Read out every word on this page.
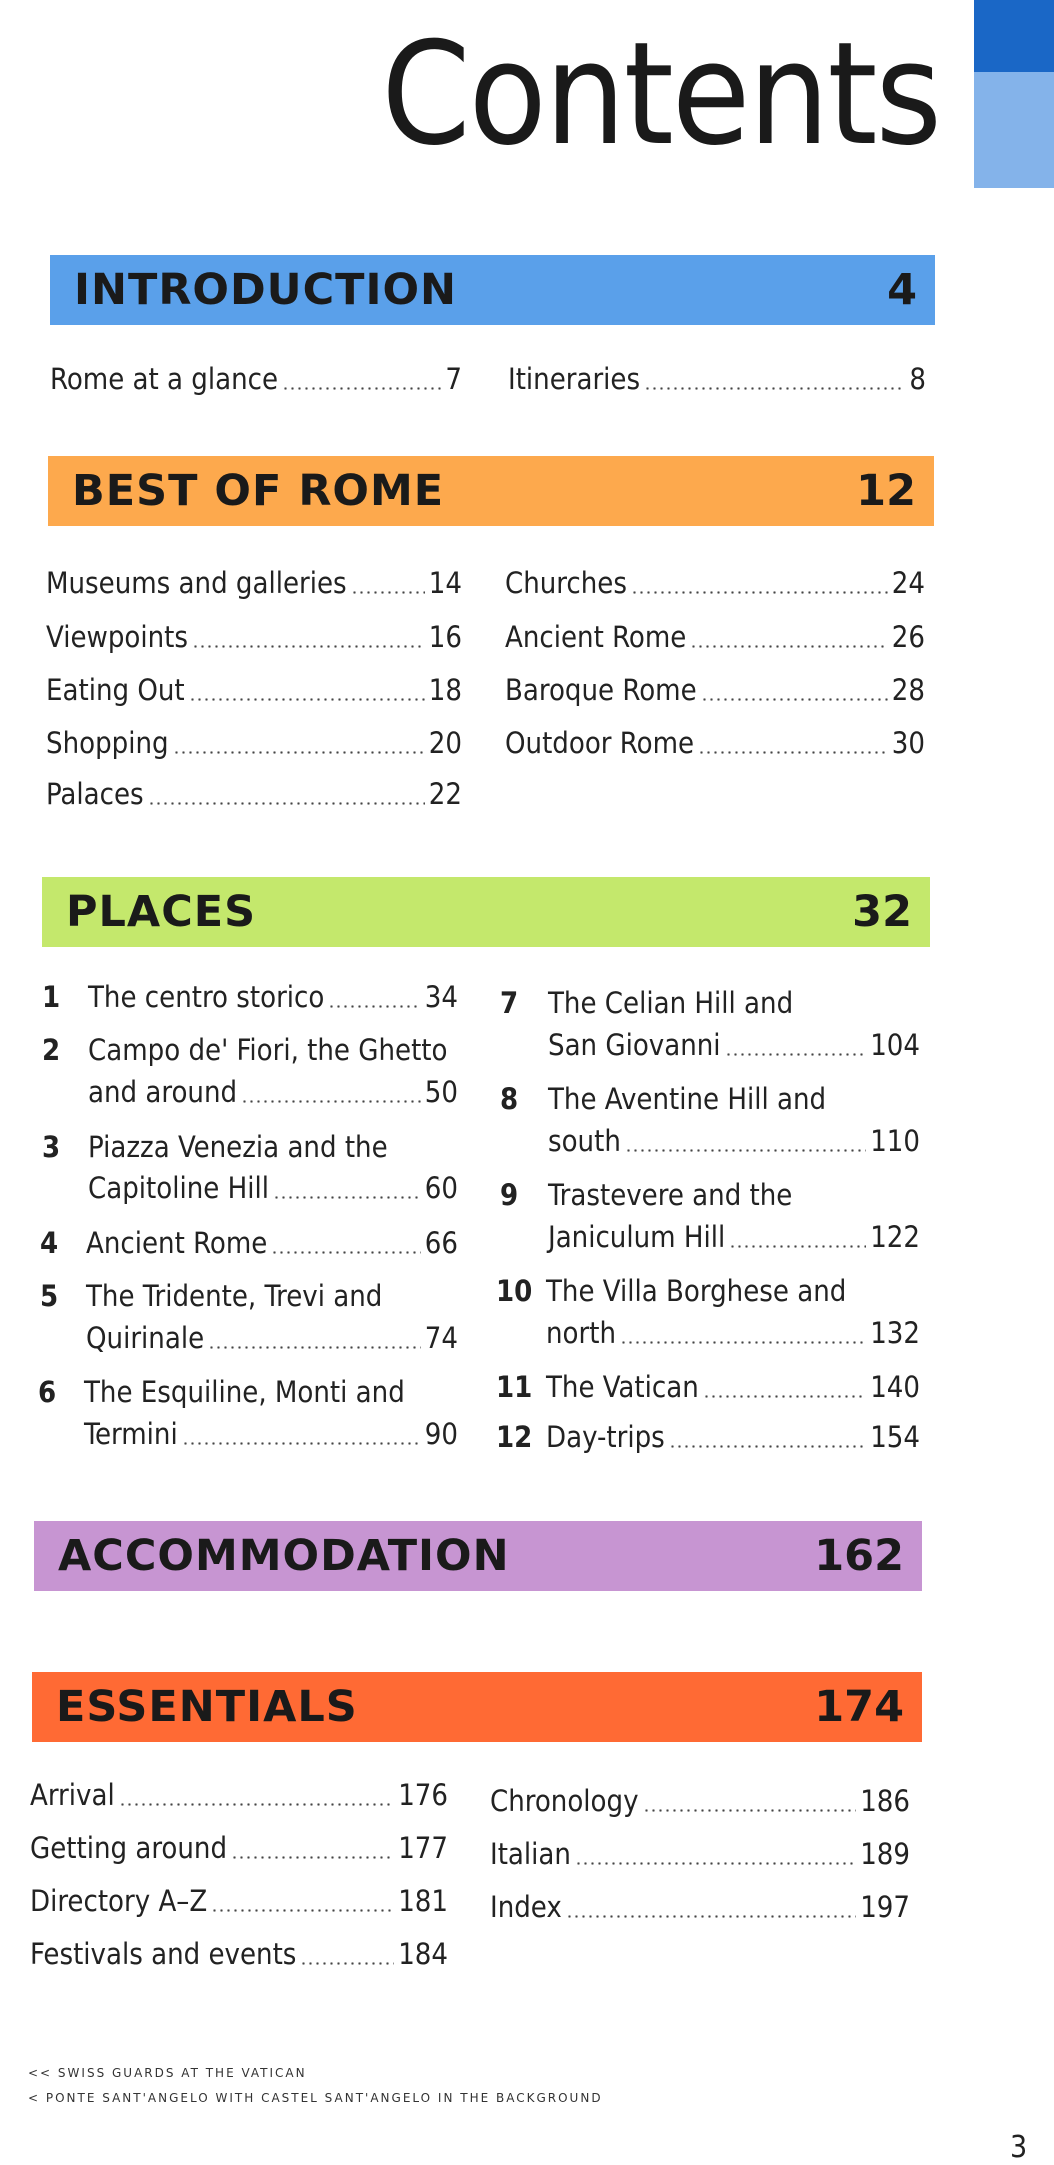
Contents
INTRODUCTION	4
Rome at a glance	7 Itineraries	8
BEST OF ROME	12
Museums and galleries	14
Viewpoints	16
Eating Out	18
Shopping	20
Palaces	22
Churches	24
Ancient Rome	26
Baroque Rome	28
Outdoor Rome	30
PLACES	32
1 The centro storico	34
2 Campo de' Fiori, the Ghetto
and around	50
3 Piazza Venezia and the
Capitoline Hill	60
4 Ancient Rome	66
5 The Tridente, Trevi and
Quirinale	74
6 The Esquiline, Monti and
Termini	90
7 The Celian Hill and
San Giovanni	104
8 The Aventine Hill and
south	110
9 Trastevere and the
Janiculum Hill	122
10 The Villa Borghese and
north	132
11 The Vatican	140
12 Day-trips	154
ACCOMMODATION	162
ESSENTIALS	174
Arrival	176
Getting around	177
Directory A–Z	181
Festivals and events	184
Chronology	186
Italian	189
Index	197
<< SWISS GUARDS AT THE VATICAN
< PONTE SANT'ANGELO WITH CASTEL SANT'ANGELO IN THE BACKGROUND
3
